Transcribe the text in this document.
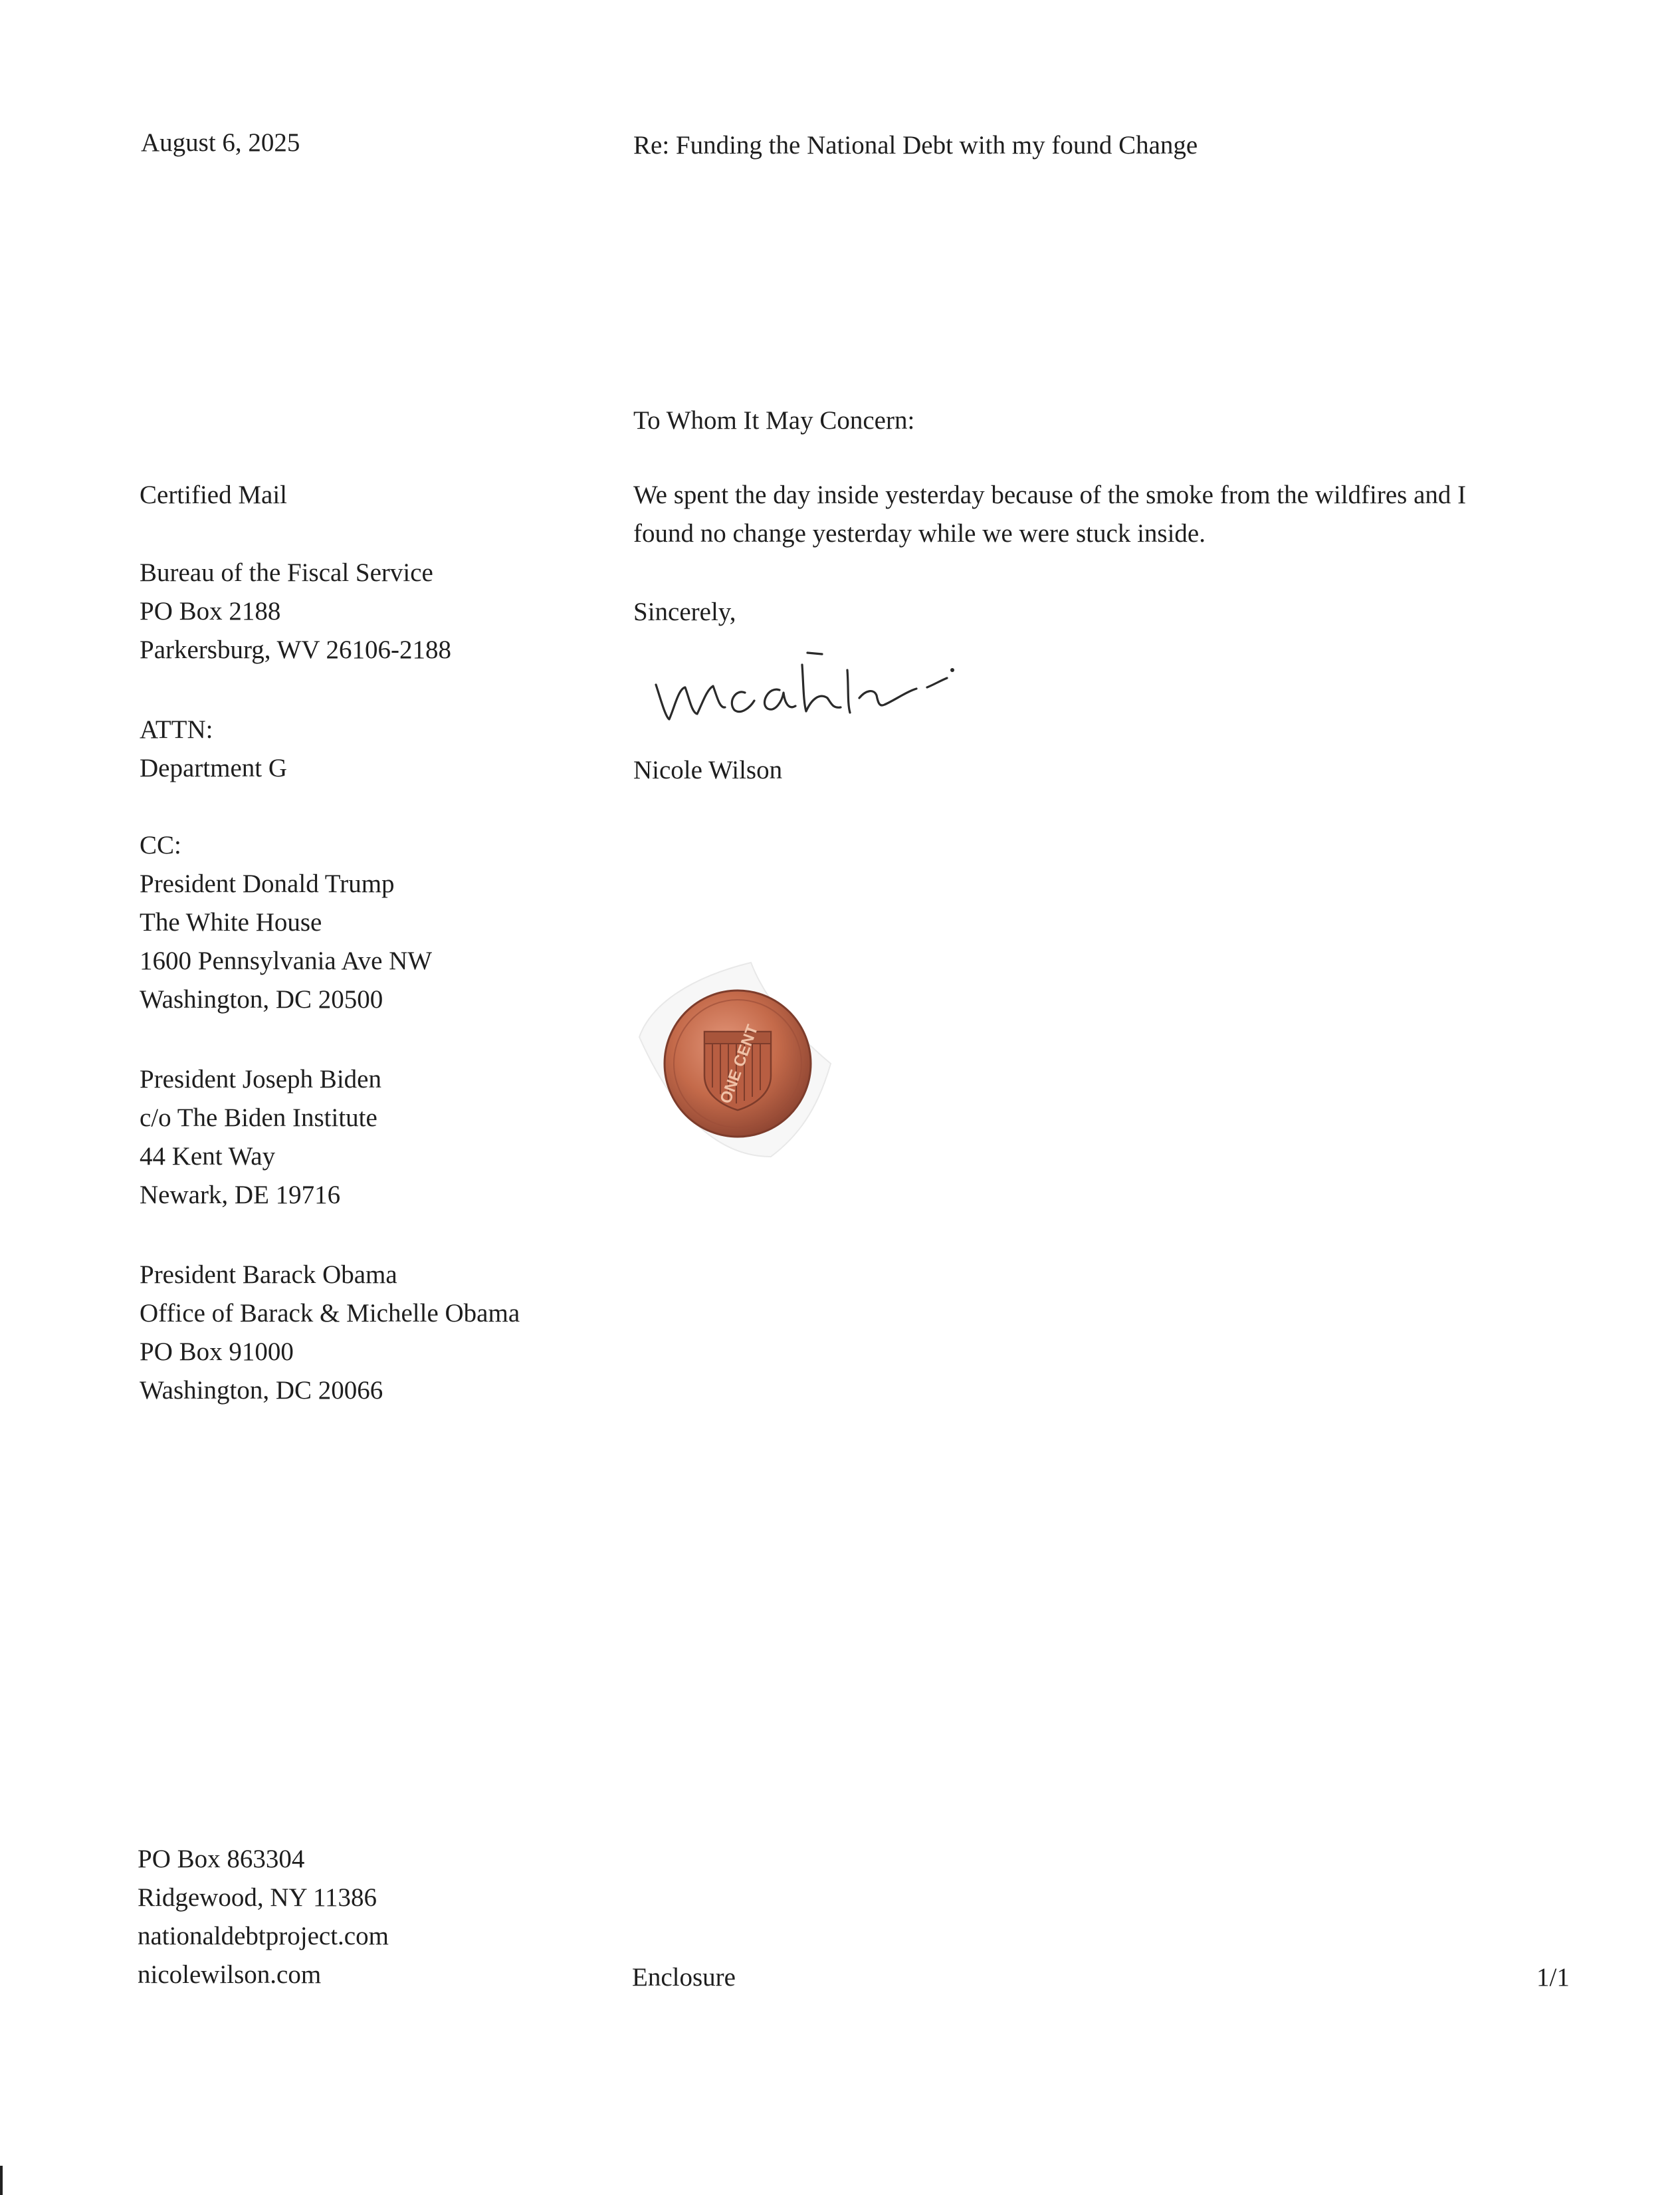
August 6, 2025	Re: Funding the National Debt with my found Change
To Whom It May Concern:
We spent the day inside yesterday because of the smoke from the wildfires and I
found no change yesterday while we were stuck inside.
Sincerely,
Nicole Wilson
Certified Mail
Bureau of the Fiscal Service
PO Box 2188
Parkersburg, WV 26106-2188
ATTN:
Department G
CC:
President Donald Trump
The White House
1600 Pennsylvania Ave NW
Washington, DC 20500
President Joseph Biden
c/o The Biden Institute
44 Kent Way
Newark, DE 19716
President Barack Obama
Office of Barack & Michelle Obama
PO Box 91000
Washington, DC 20066
ONE CENT
PO Box 863304
Ridgewood, NY 11386
nationaldebtproject.com
nicolewilson.com	Enclosure	1/1
